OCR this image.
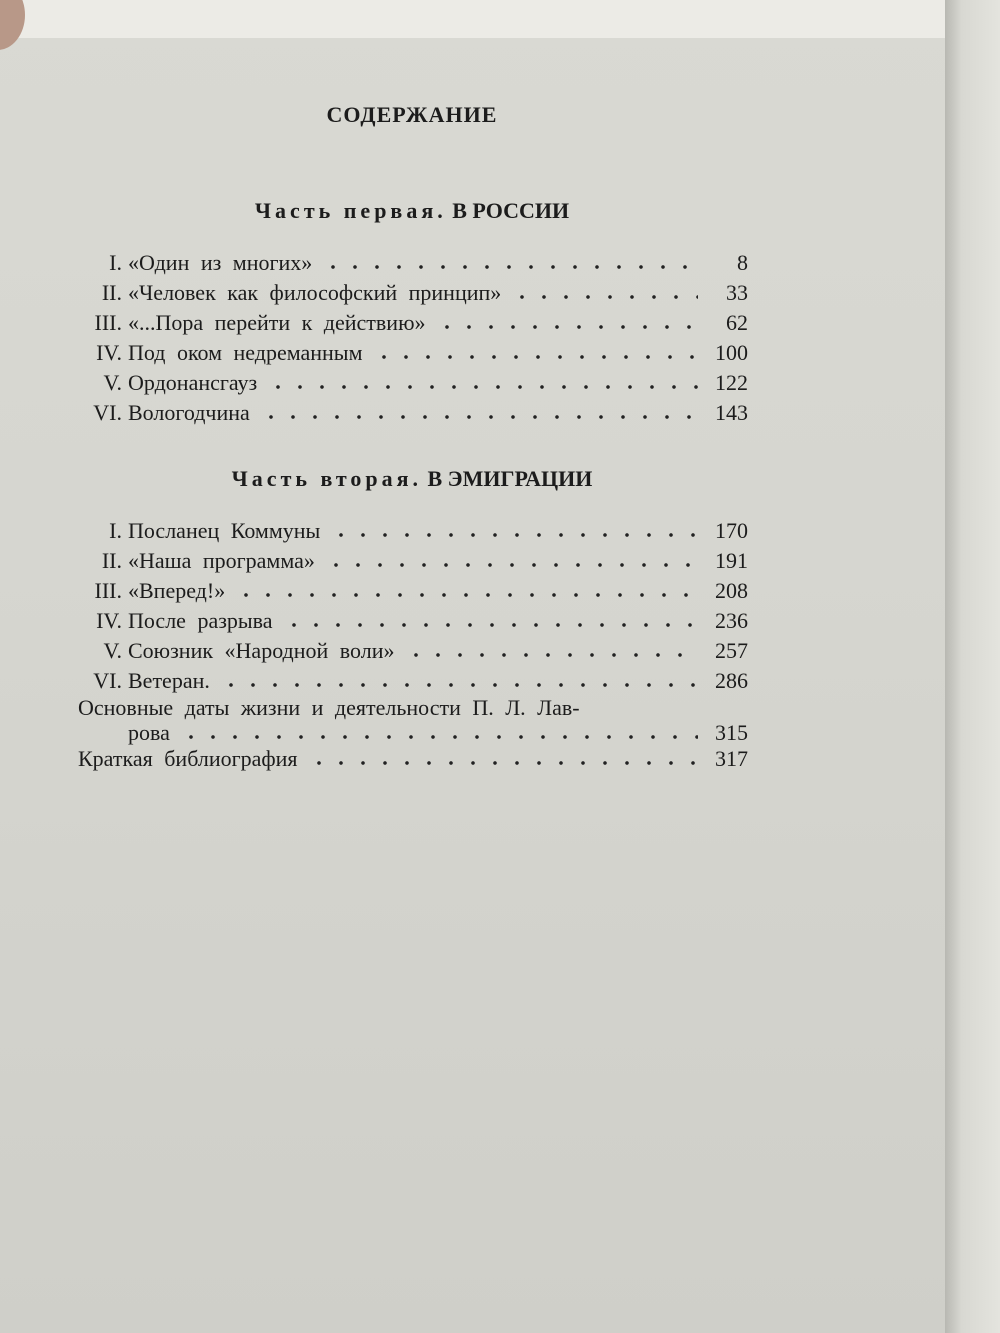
СОДЕРЖАНИЕ
Часть первая. В РОССИИ
I. «Один из многих»	8
II. «Человек как философский принцип»	33
III. «...Пора перейти к действию»	62
IV. Под оком недреманным	100
V. Ордонансгауз	122
VI. Вологодчина	143
Часть вторая. В ЭМИГРАЦИИ
I. Посланец Коммуны	170
II. «Наша программа»	191
III. «Вперед!»	208
IV. После разрыва	236
V. Союзник «Народной воли»	257
VI. Ветеран.	286
Основные даты жизни и деятельности П. Л. Лав-
рова	315
Краткая библиография	317
